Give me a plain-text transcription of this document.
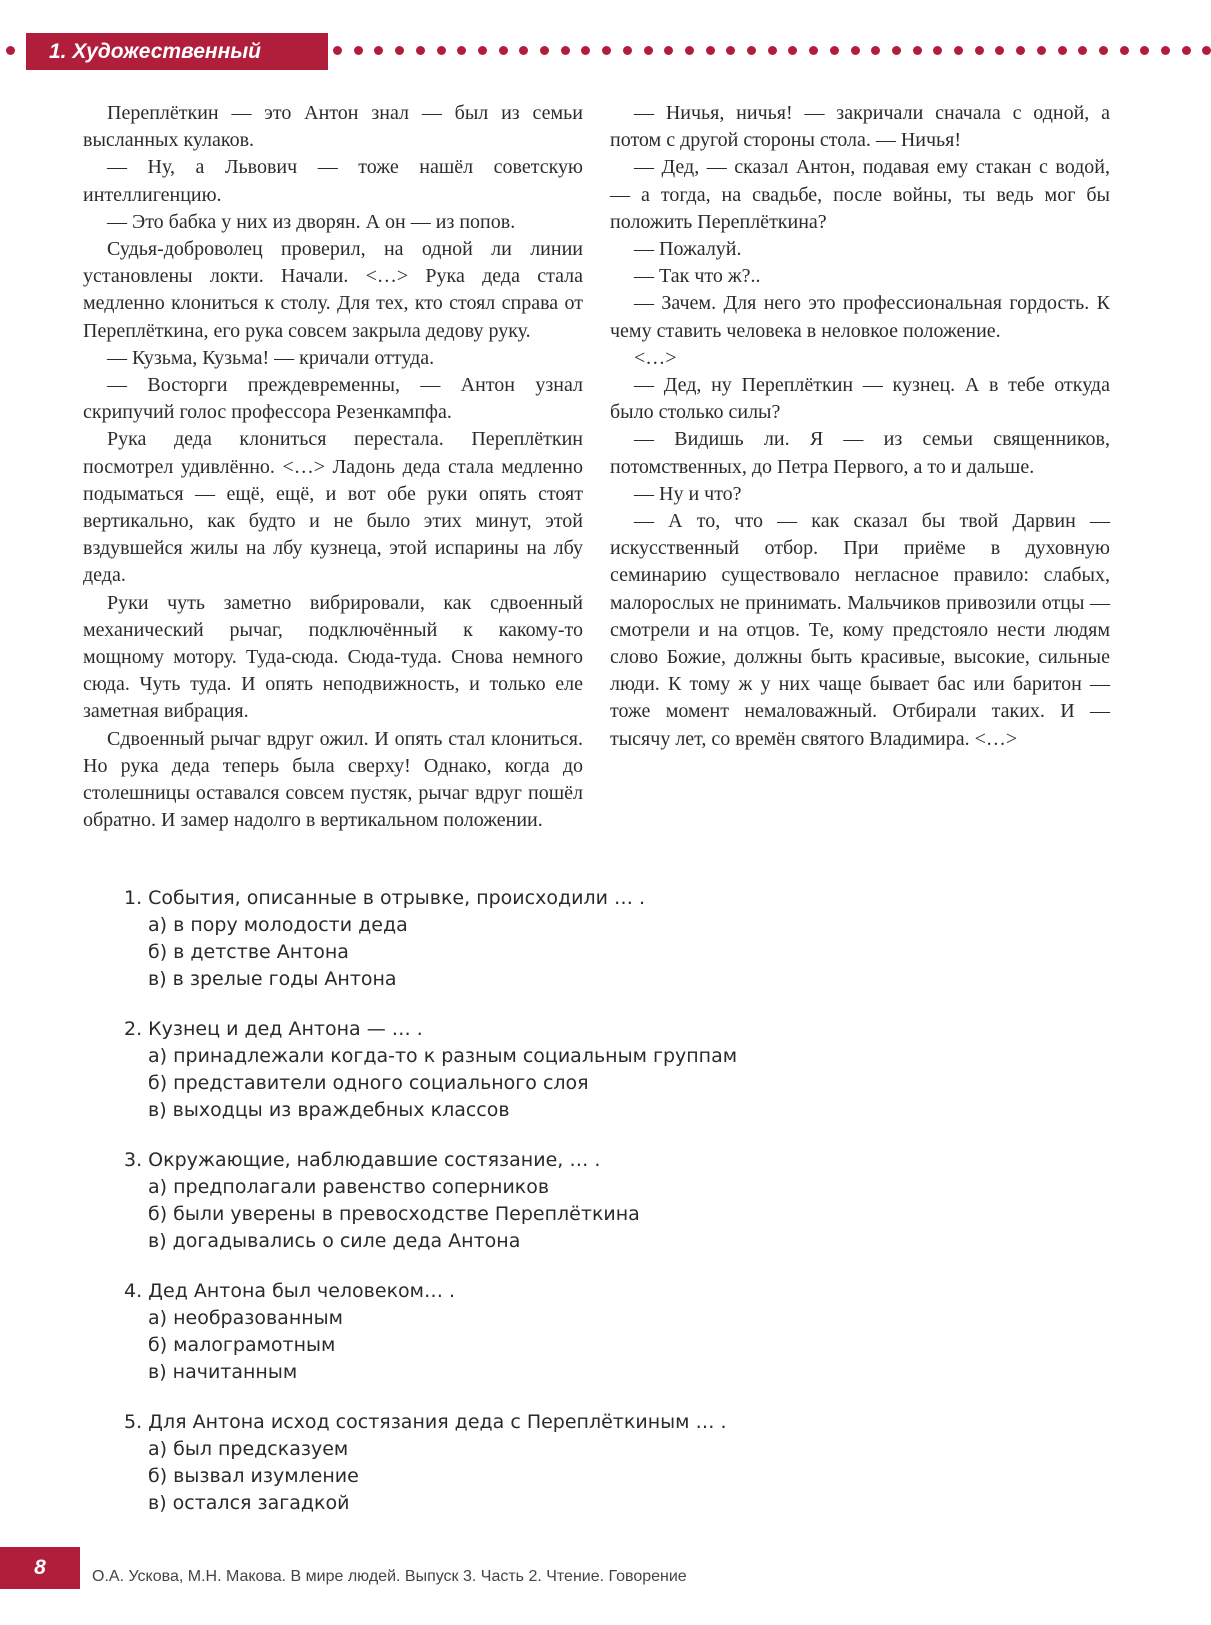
1. Художественный текст

Переплёткин — это Антон знал — был из семьи высланных кулаков.

— Ну, а Львович — тоже нашёл советскую интеллигенцию.

— Это бабка у них из дворян. А он — из попов.

Судья-доброволец проверил, на одной ли линии установлены локти. Начали. <…> Рука деда стала медленно клониться к столу. Для тех, кто стоял справа от Переплёткина, его рука совсем закрыла дедову руку.

— Кузьма, Кузьма! — кричали оттуда.

— Восторги преждевременны, — Антон узнал скрипучий голос профессора Резенкампфа.

Рука деда клониться перестала. Переплёткин посмотрел удивлённо. <…> Ладонь деда стала медленно подыматься — ещё, ещё, и вот обе руки опять стоят вертикально, как будто и не было этих минут, этой вздувшейся жилы на лбу кузнеца, этой испарины на лбу деда.

Руки чуть заметно вибрировали, как сдвоенный механический рычаг, подключённый к какому-то мощному мотору. Туда-сюда. Сюда-туда. Снова немного сюда. Чуть туда. И опять неподвижность, и только еле заметная вибрация.

Сдвоенный рычаг вдруг ожил. И опять стал клониться. Но рука деда теперь была сверху! Однако, когда до столешницы оставался совсем пустяк, рычаг вдруг пошёл обратно. И замер надолго в вертикальном положении.

— Ничья, ничья! — закричали сначала с одной, а потом с другой стороны стола. — Ничья!

— Дед, — сказал Антон, подавая ему стакан с водой, — а тогда, на свадьбе, после войны, ты ведь мог бы положить Переплёткина?

— Пожалуй.

— Так что ж?..

— Зачем. Для него это профессиональная гордость. К чему ставить человека в неловкое положение.

<…>

— Дед, ну Переплёткин — кузнец. А в тебе откуда было столько силы?

— Видишь ли. Я — из семьи священников, потомственных, до Петра Первого, а то и дальше.

— Ну и что?

— А то, что — как сказал бы твой Дарвин — искусственный отбор. При приёме в духовную семинарию существовало негласное правило: слабых, малорослых не принимать. Мальчиков привозили отцы — смотрели и на отцов. Те, кому предстояло нести людям слово Божие, должны быть красивые, высокие, сильные люди. К тому ж у них чаще бывает бас или баритон — тоже момент немаловажный. Отбирали таких. И — тысячу лет, со времён святого Владимира. <…>

1. События, описанные в отрывке, происходили … .

а) в пору молодости деда

б) в детстве Антона

в) в зрелые годы Антона

2. Кузнец и дед Антона — … .

а) принадлежали когда-то к разным социальным группам

б) представители одного социального слоя

в) выходцы из враждебных классов

3. Окружающие, наблюдавшие состязание, … .

а) предполагали равенство соперников

б) были уверены в превосходстве Переплёткина

в) догадывались о силе деда Антона

4. Дед Антона был человеком… .

а) необразованным

б) малограмотным

в) начитанным

5. Для Антона исход состязания деда с Переплёткиным … .

а) был предсказуем

б) вызвал изумление

в) остался загадкой

8	О.А. Ускова, М.Н. Макова. В мире людей. Выпуск 3. Часть 2. Чтение. Говорение
